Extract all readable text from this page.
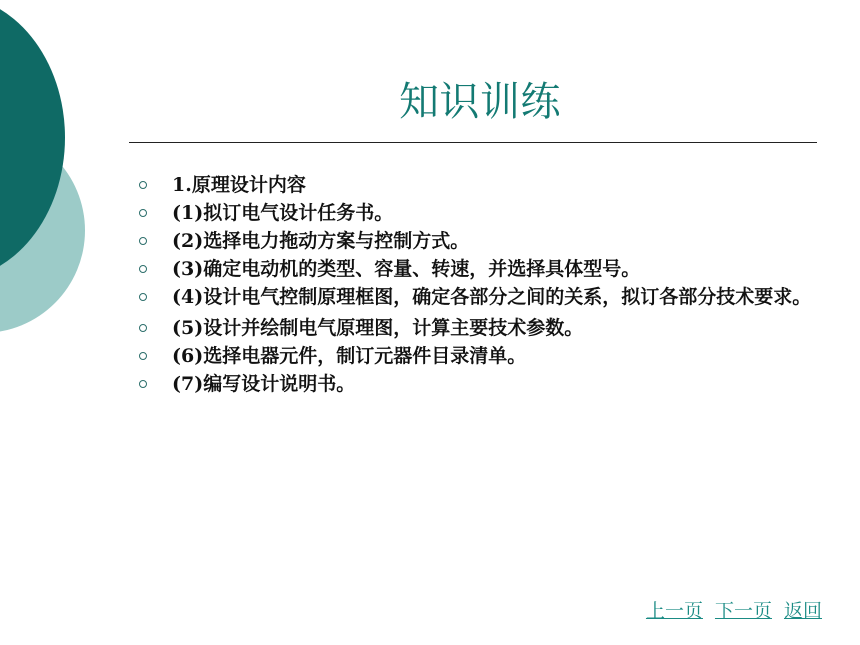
知识训练
1.原理设计内容
(1)拟订电气设计任务书。
(2)选择电力拖动方案与控制方式。
(3)确定电动机的类型、容量、转速，并选择具体型号。
(4)设计电气控制原理框图，确定各部分之间的关系，拟订各部分技术要求。
(5)设计并绘制电气原理图，计算主要技术参数。
(6)选择电器元件，制订元器件目录清单。
(7)编写设计说明书。
上一页 下一页 返回
